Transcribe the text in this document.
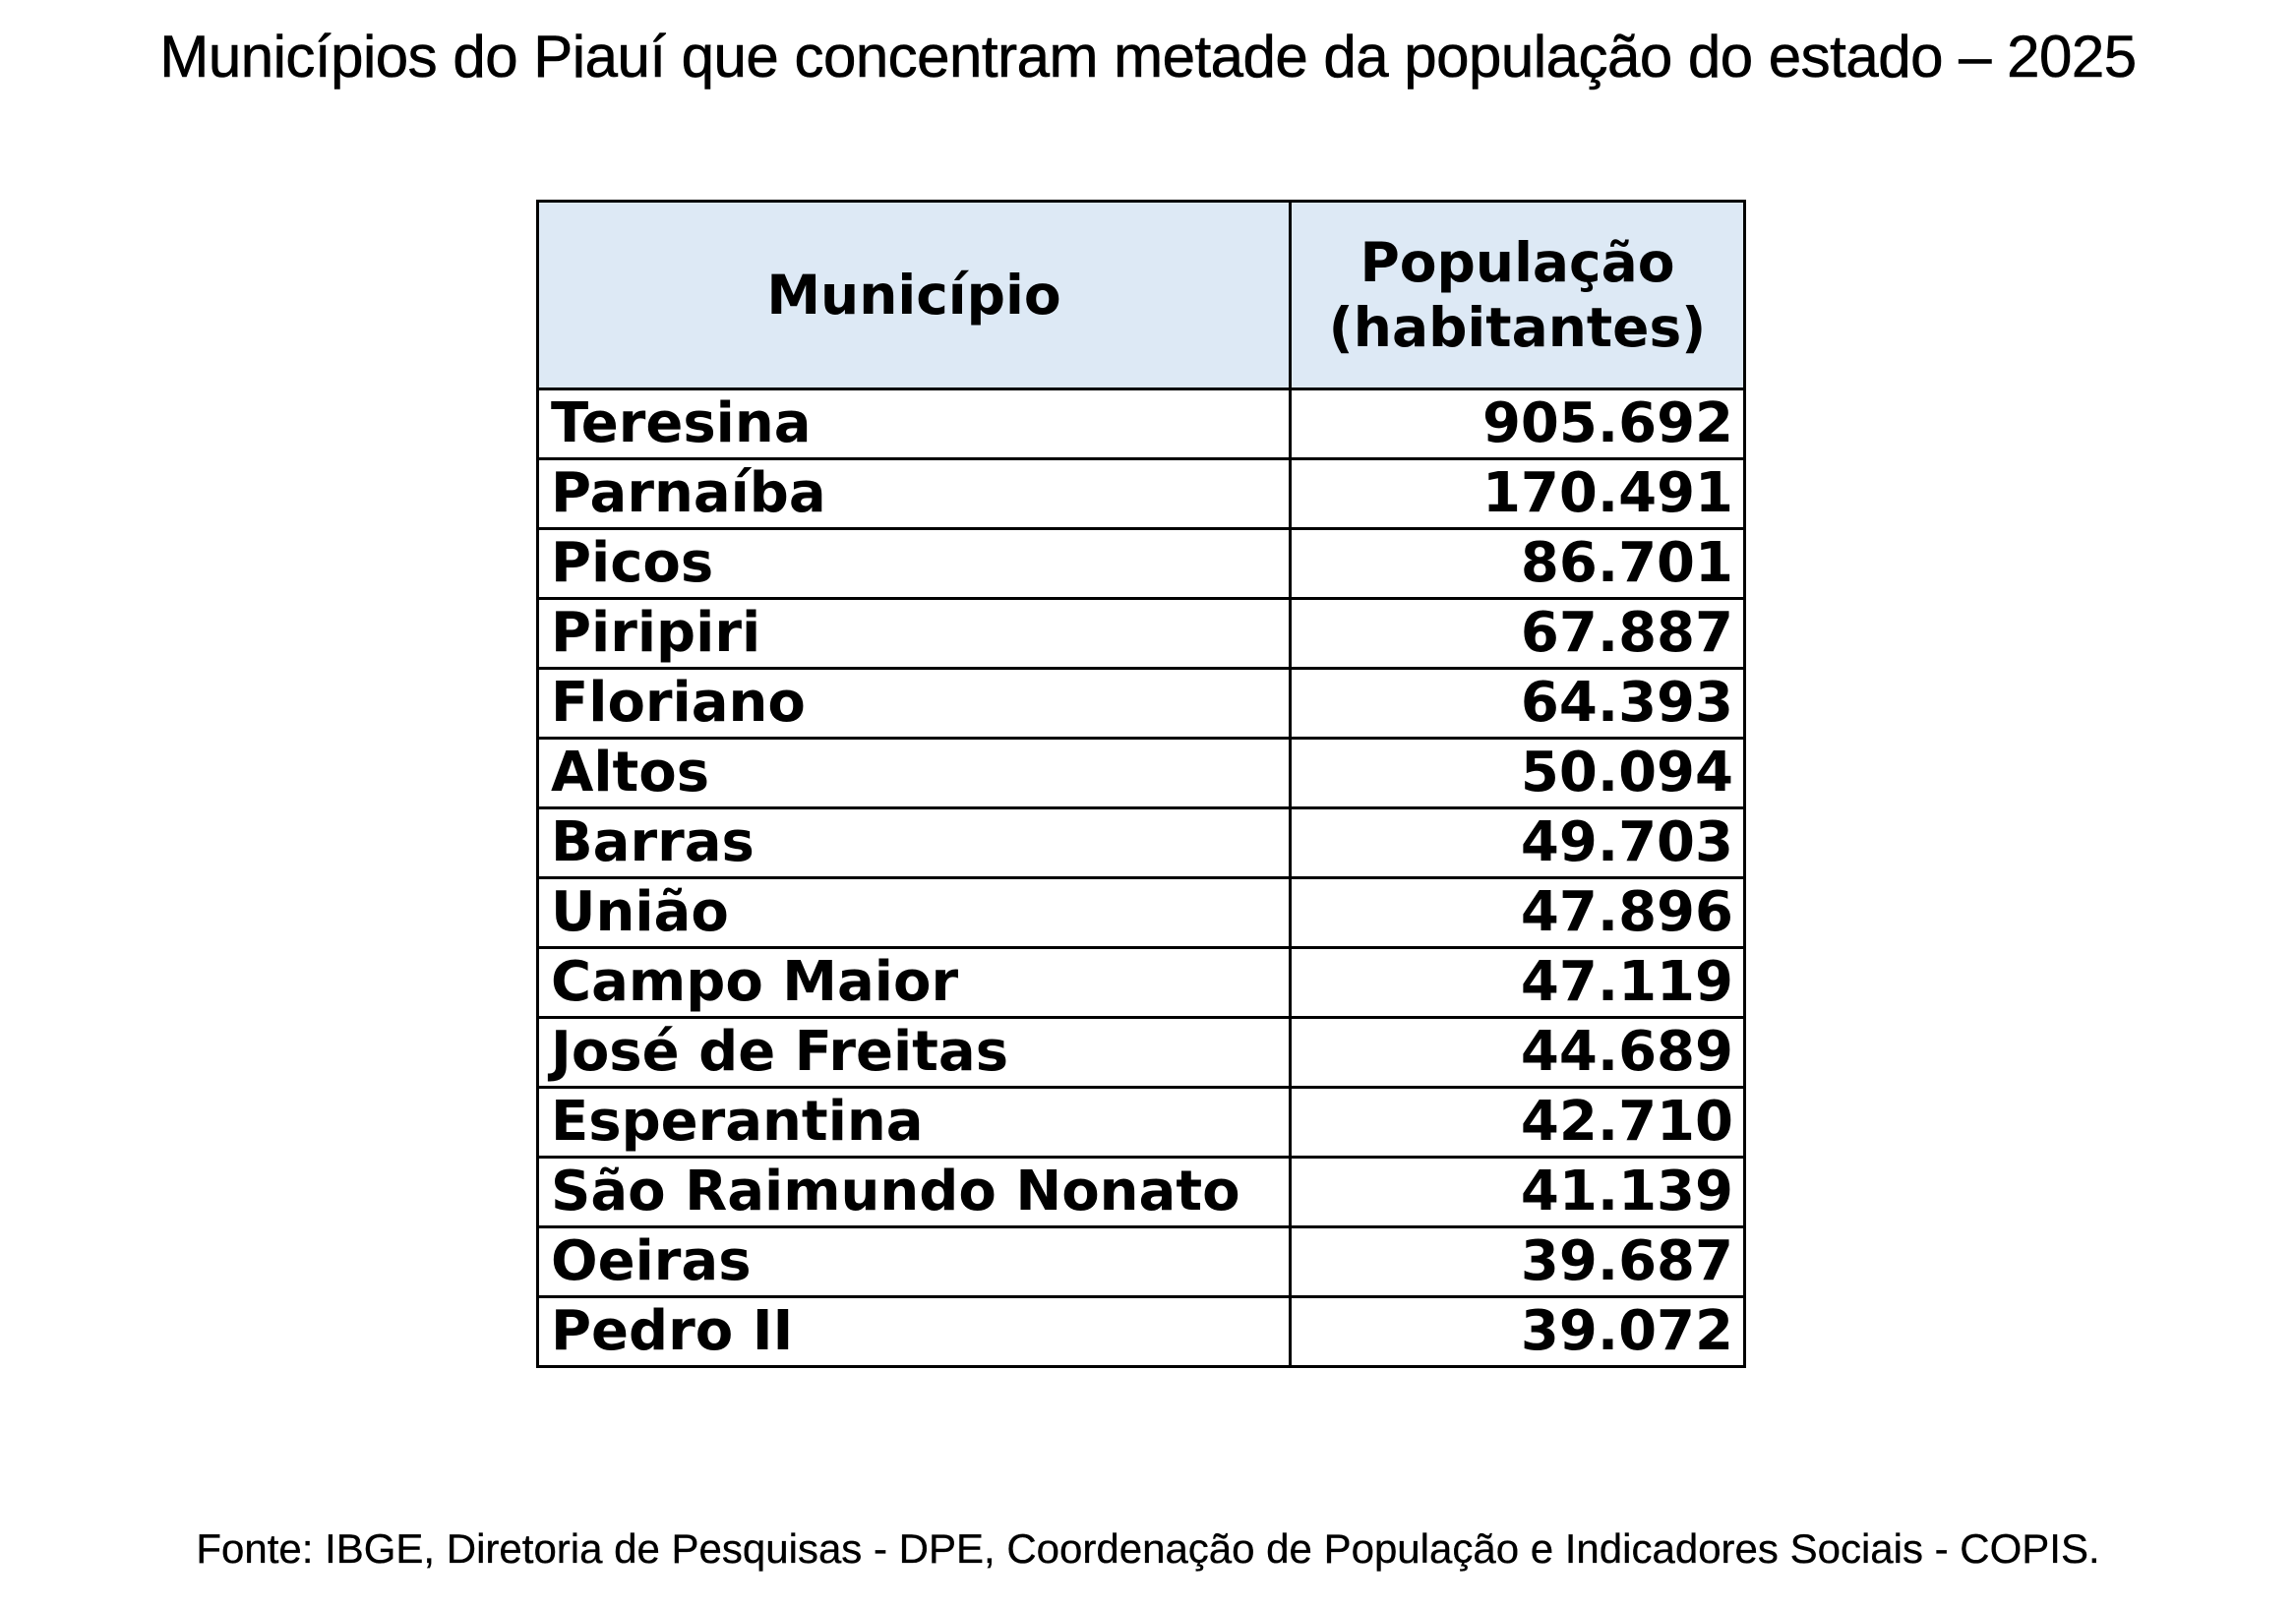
Municípios do Piauí que concentram metade da população do estado – 2025
Município	População
(habitantes)
Teresina	905.692
Parnaíba	170.491
Picos	86.701
Piripiri	67.887
Floriano	64.393
Altos	50.094
Barras	49.703
União	47.896
Campo Maior	47.119
José de Freitas	44.689
Esperantina	42.710
São Raimundo Nonato	41.139
Oeiras	39.687
Pedro II	39.072
Fonte: IBGE, Diretoria de Pesquisas - DPE, Coordenação de População e Indicadores Sociais - COPIS.
